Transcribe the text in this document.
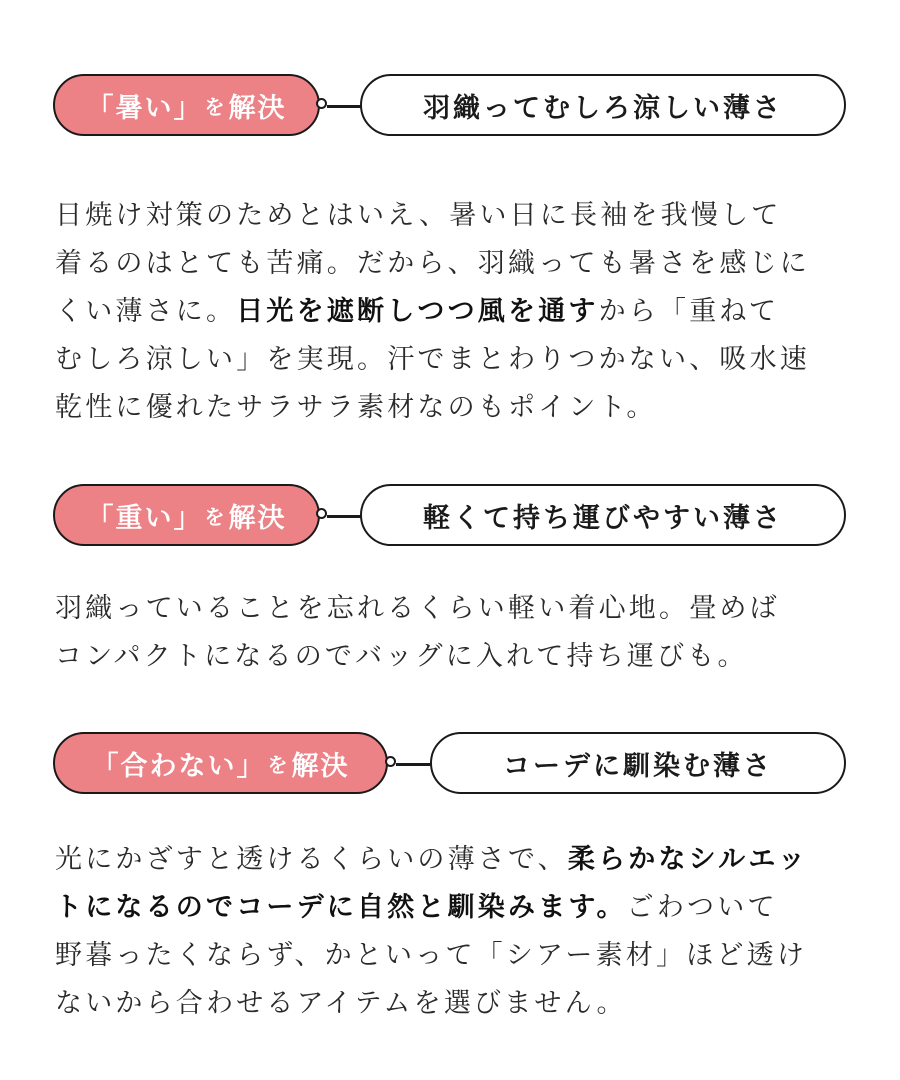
「 暑い 」 を 解決	羽織ってむしろ涼しい薄さ

日焼け対策のためとはいえ、暑い日に長袖を我慢して

着るのはとても苦痛。だから、羽織っても暑さを感じに

くい薄さに。日光を遮断しつつ風を通すから「重ねて

むしろ涼しい」を実現。汗でまとわりつかない、吸水速

乾性に優れたサラサラ素材なのもポイント。

「 重い 」 を 解決	軽くて持ち運びやすい薄さ

羽織っていることを忘れるくらい軽い着心地。畳めば

コンパクトになるのでバッグに入れて持ち運びも。

「 合わない 」 を 解決	コーデに馴染む薄さ

光にかざすと透けるくらいの薄さで、柔らかなシルエッ

トになるのでコーデに自然と馴染みます。ごわついて

野暮ったくならず、かといって「シアー素材」ほど透け

ないから合わせるアイテムを選びません。
